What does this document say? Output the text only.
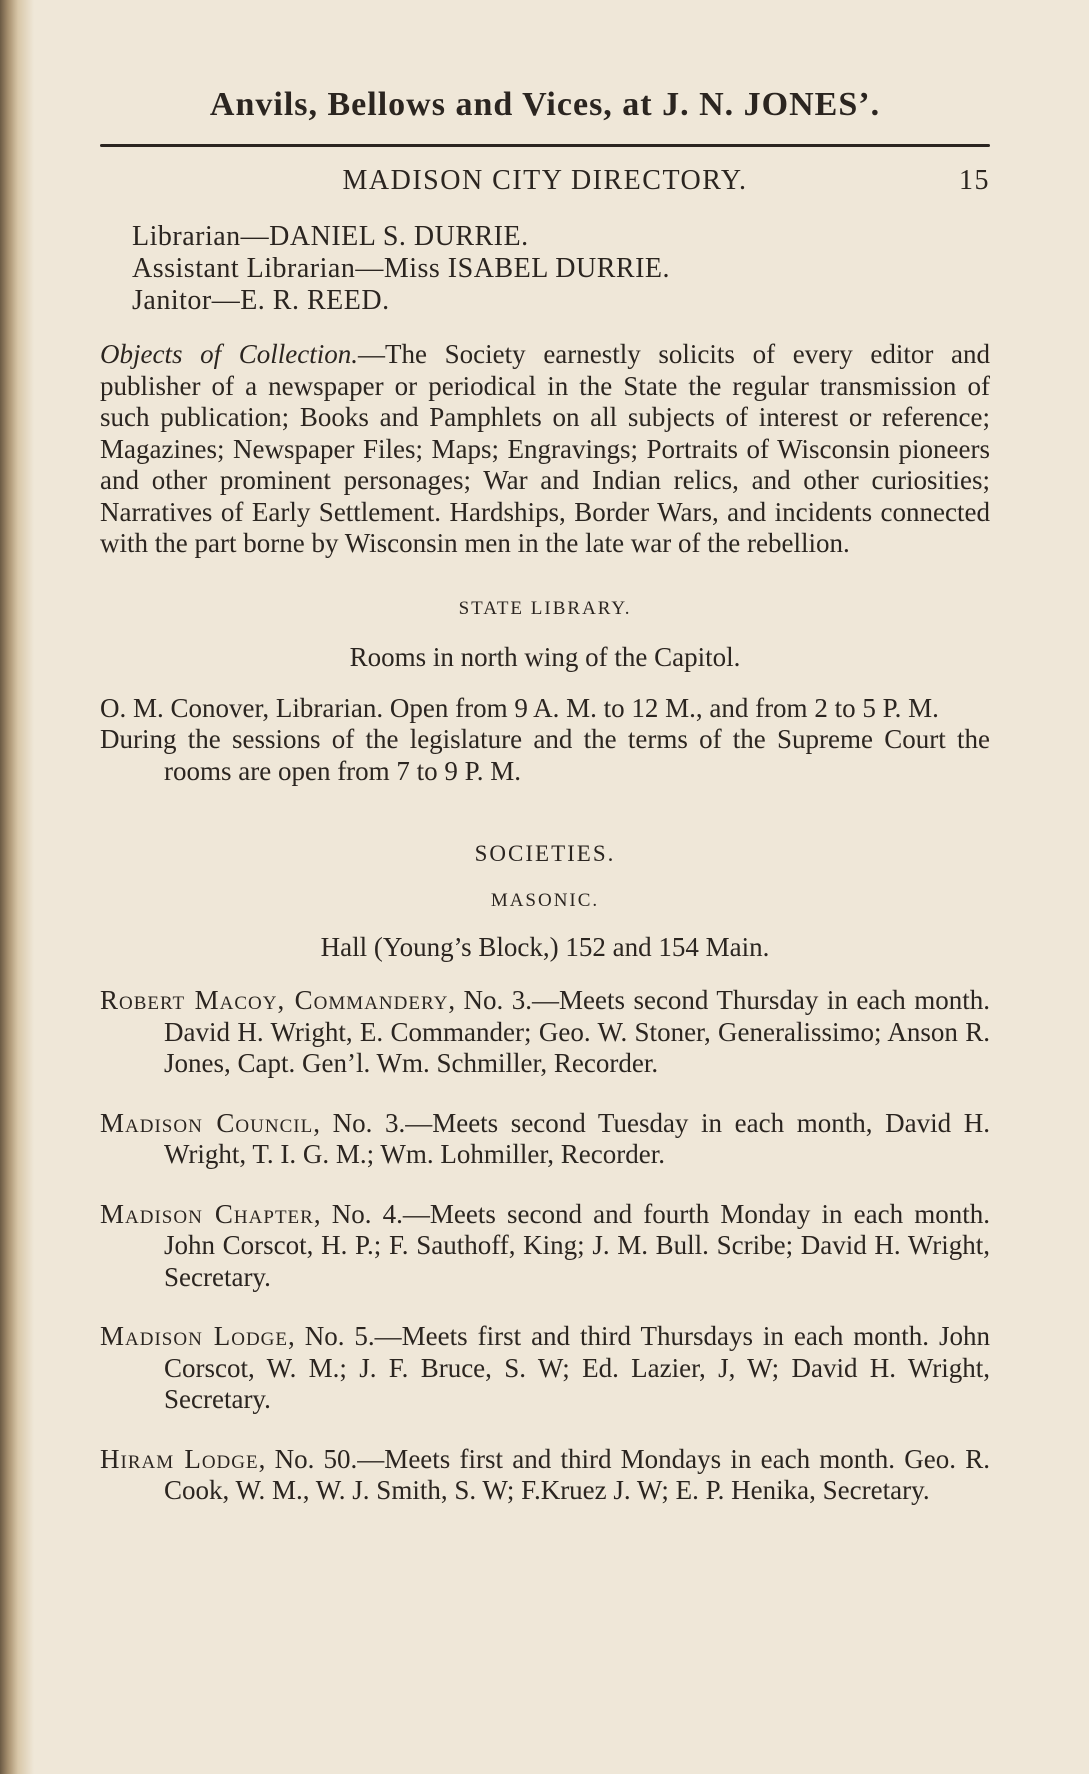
Anvils, Bellows and Vices, at J. N. JONES’.
MADISON CITY DIRECTORY.	15
Librarian—DANIEL S. DURRIE.
Assistant Librarian—Miss ISABEL DURRIE.
Janitor—E. R. REED.

Objects of Collection.—The Society earnestly solicits of every editor and publisher of a newspaper or periodical in the State the regular transmission of such publication; Books and Pamphlets on all subjects of interest or reference; Magazines; Newspaper Files; Maps; Engravings; Portraits of Wisconsin pioneers and other prominent personages; War and Indian relics, and other curiosities; Narratives of Early Settlement. Hardships, Border Wars, and incidents connected with the part borne by Wisconsin men in the late war of the rebellion.

STATE LIBRARY.

Rooms in north wing of the Capitol.

O. M. Conover, Librarian. Open from 9 A. M. to 12 M., and from 2 to 5 P. M.

During the sessions of the legislature and the terms of the Supreme Court the rooms are open from 7 to 9 P. M.

SOCIETIES.

MASONIC.

Hall (Young’s Block,) 152 and 154 Main.

Robert Macoy, Commandery, No. 3.—Meets second Thursday in each month. David H. Wright, E. Commander; Geo. W. Stoner, Generalissimo; Anson R. Jones, Capt. Gen’l. Wm. Schmiller, Recorder.

Madison Council, No. 3.—Meets second Tuesday in each month, David H. Wright, T. I. G. M.; Wm. Lohmiller, Recorder.

Madison Chapter, No. 4.—Meets second and fourth Monday in each month. John Corscot, H. P.; F. Sauthoff, King; J. M. Bull. Scribe; David H. Wright, Secretary.

Madison Lodge, No. 5.—Meets first and third Thursdays in each month. John Corscot, W. M.; J. F. Bruce, S. W; Ed. Lazier, J, W; David H. Wright, Secretary.

Hiram Lodge, No. 50.—Meets first and third Mondays in each month. Geo. R. Cook, W. M., W. J. Smith, S. W; F.Kruez J. W; E. P. Henika, Secretary.
